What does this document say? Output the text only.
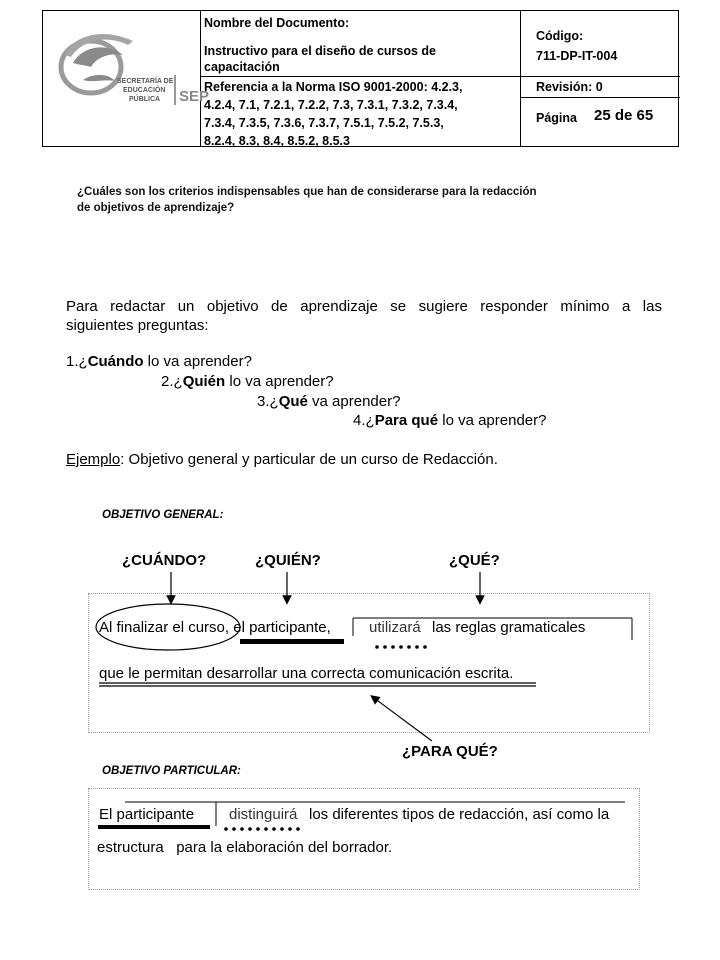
SECRETARÍA DE
EDUCACIÓN
PÚBLICA SEP
Nombre del Documento:
Instructivo para el diseño de cursos de
capacitación
Referencia a la Norma ISO 9001-2000: 4.2.3,
4.2.4, 7.1, 7.2.1, 7.2.2, 7.3, 7.3.1, 7.3.2, 7.3.4,
7.3.4, 7.3.5, 7.3.6, 7.3.7, 7.5.1, 7.5.2, 7.5.3,
8.2.4, 8.3, 8.4, 8.5.2, 8.5.3
Código:
711-DP-IT-004
Revisión: 0
Página 25 de 65
¿Cuáles son los criterios indispensables que han de considerarse para la redacción
de objetivos de aprendizaje?
Para redactar un objetivo de aprendizaje se sugiere responder mínimo a las
siguientes preguntas:
1.¿Cuándo lo va aprender?
2.¿Quién lo va aprender?
3.¿Qué va aprender?
4.¿Para qué lo va aprender?
Ejemplo: Objetivo general y particular de un curso de Redacción.
OBJETIVO GENERAL:
¿CUÁNDO?	¿QUIÉN?	¿QUÉ?
Al finalizar el curso, el participante,	utilizará las reglas gramaticales
que le permitan desarrollar una correcta comunicación escrita.
¿PARA QUÉ?
OBJETIVO PARTICULAR:
El participante distinguirá los diferentes tipos de redacción, así como la
estructura   para la elaboración del borrador.
